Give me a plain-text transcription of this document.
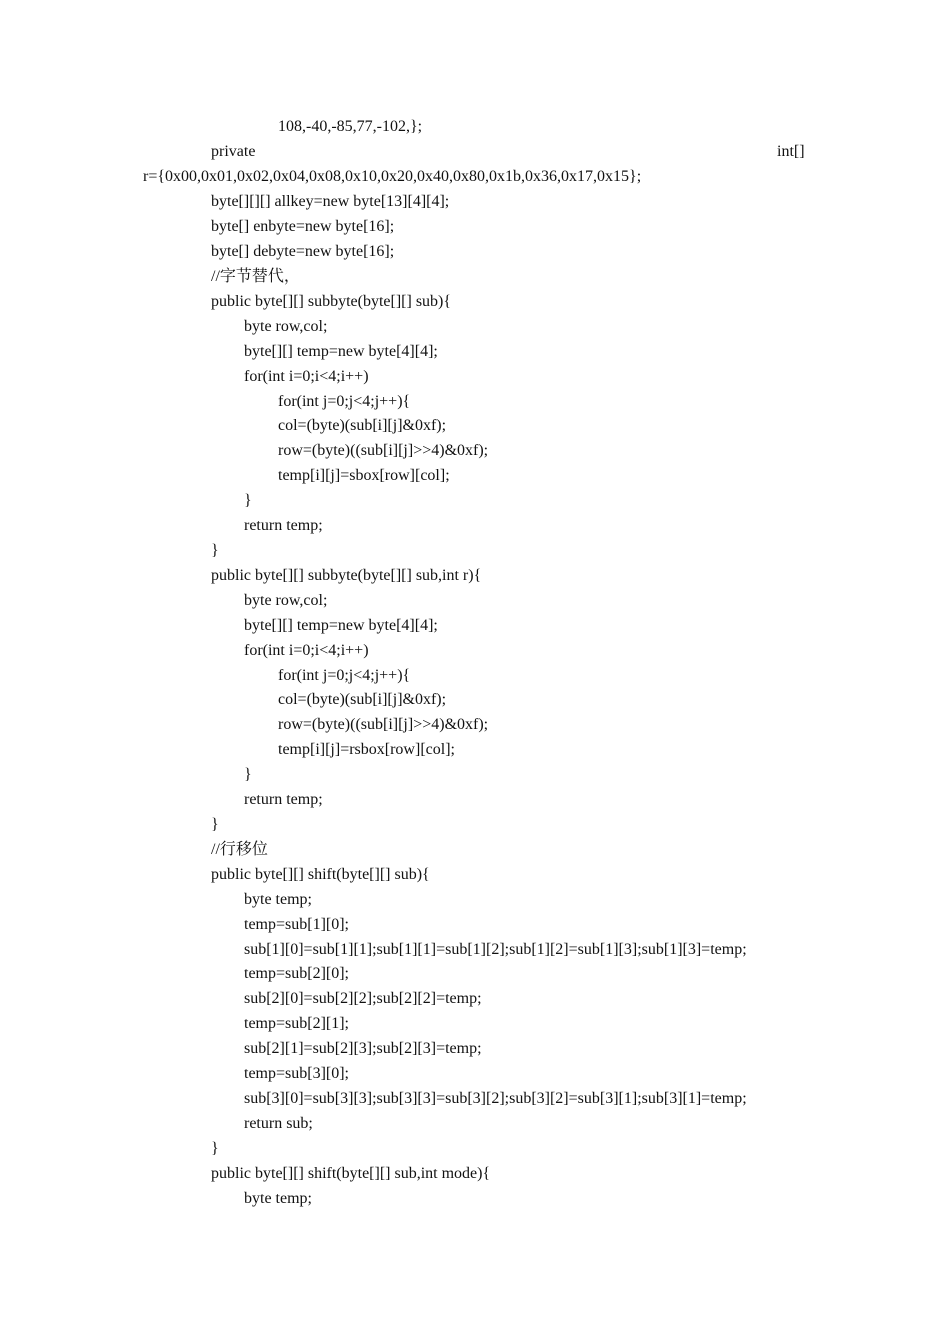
108,-40,-85,77,-102,};
private	int[]
r={0x00,0x01,0x02,0x04,0x08,0x10,0x20,0x40,0x80,0x1b,0x36,0x17,0x15};
byte[][][] allkey=new byte[13][4][4];
byte[] enbyte=new byte[16];
byte[] debyte=new byte[16];
//字节替代，
public byte[][] subbyte(byte[][] sub){
byte row,col;
byte[][] temp=new byte[4][4];
for(int i=0;i<4;i++)
for(int j=0;j<4;j++){
col=(byte)(sub[i][j]&0xf);
row=(byte)((sub[i][j]>>4)&0xf);
temp[i][j]=sbox[row][col];
}
return temp;
}
public byte[][] subbyte(byte[][] sub,int r){
byte row,col;
byte[][] temp=new byte[4][4];
for(int i=0;i<4;i++)
for(int j=0;j<4;j++){
col=(byte)(sub[i][j]&0xf);
row=(byte)((sub[i][j]>>4)&0xf);
temp[i][j]=rsbox[row][col];
}
return temp;
}
//行移位
public byte[][] shift(byte[][] sub){
byte temp;
temp=sub[1][0];
sub[1][0]=sub[1][1];sub[1][1]=sub[1][2];sub[1][2]=sub[1][3];sub[1][3]=temp;
temp=sub[2][0];
sub[2][0]=sub[2][2];sub[2][2]=temp;
temp=sub[2][1];
sub[2][1]=sub[2][3];sub[2][3]=temp;
temp=sub[3][0];
sub[3][0]=sub[3][3];sub[3][3]=sub[3][2];sub[3][2]=sub[3][1];sub[3][1]=temp;
return sub;
}
public byte[][] shift(byte[][] sub,int mode){
byte temp;
